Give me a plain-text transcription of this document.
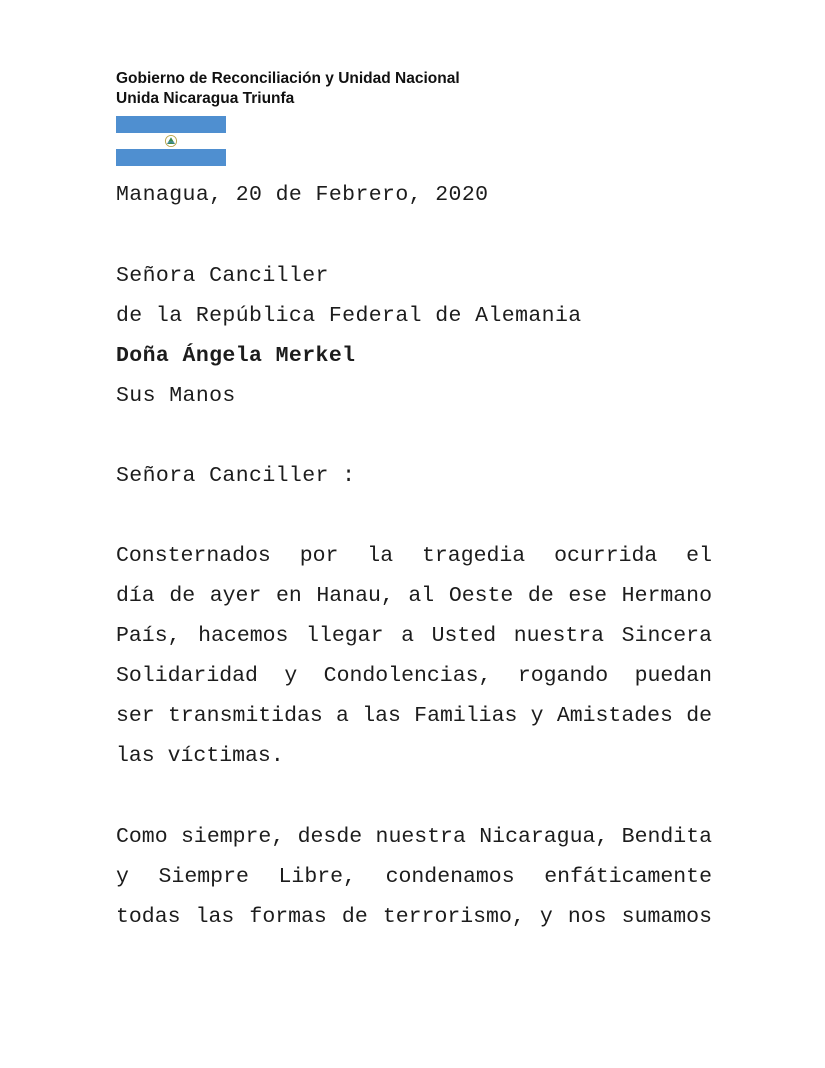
Gobierno de Reconciliación y Unidad Nacional
Unida Nicaragua Triunfa
Managua, 20 de Febrero, 2020
Señora Canciller
de la República Federal de Alemania
Doña Ángela Merkel
Sus Manos
Señora Canciller :
Consternados por la tragedia ocurrida el
día de ayer en Hanau, al Oeste de ese Hermano
País, hacemos llegar a Usted nuestra Sincera
Solidaridad y Condolencias, rogando puedan
ser transmitidas a las Familias y Amistades de
las víctimas.
Como siempre, desde nuestra Nicaragua, Bendita
y Siempre Libre, condenamos enfáticamente
todas las formas de terrorismo, y nos sumamos
